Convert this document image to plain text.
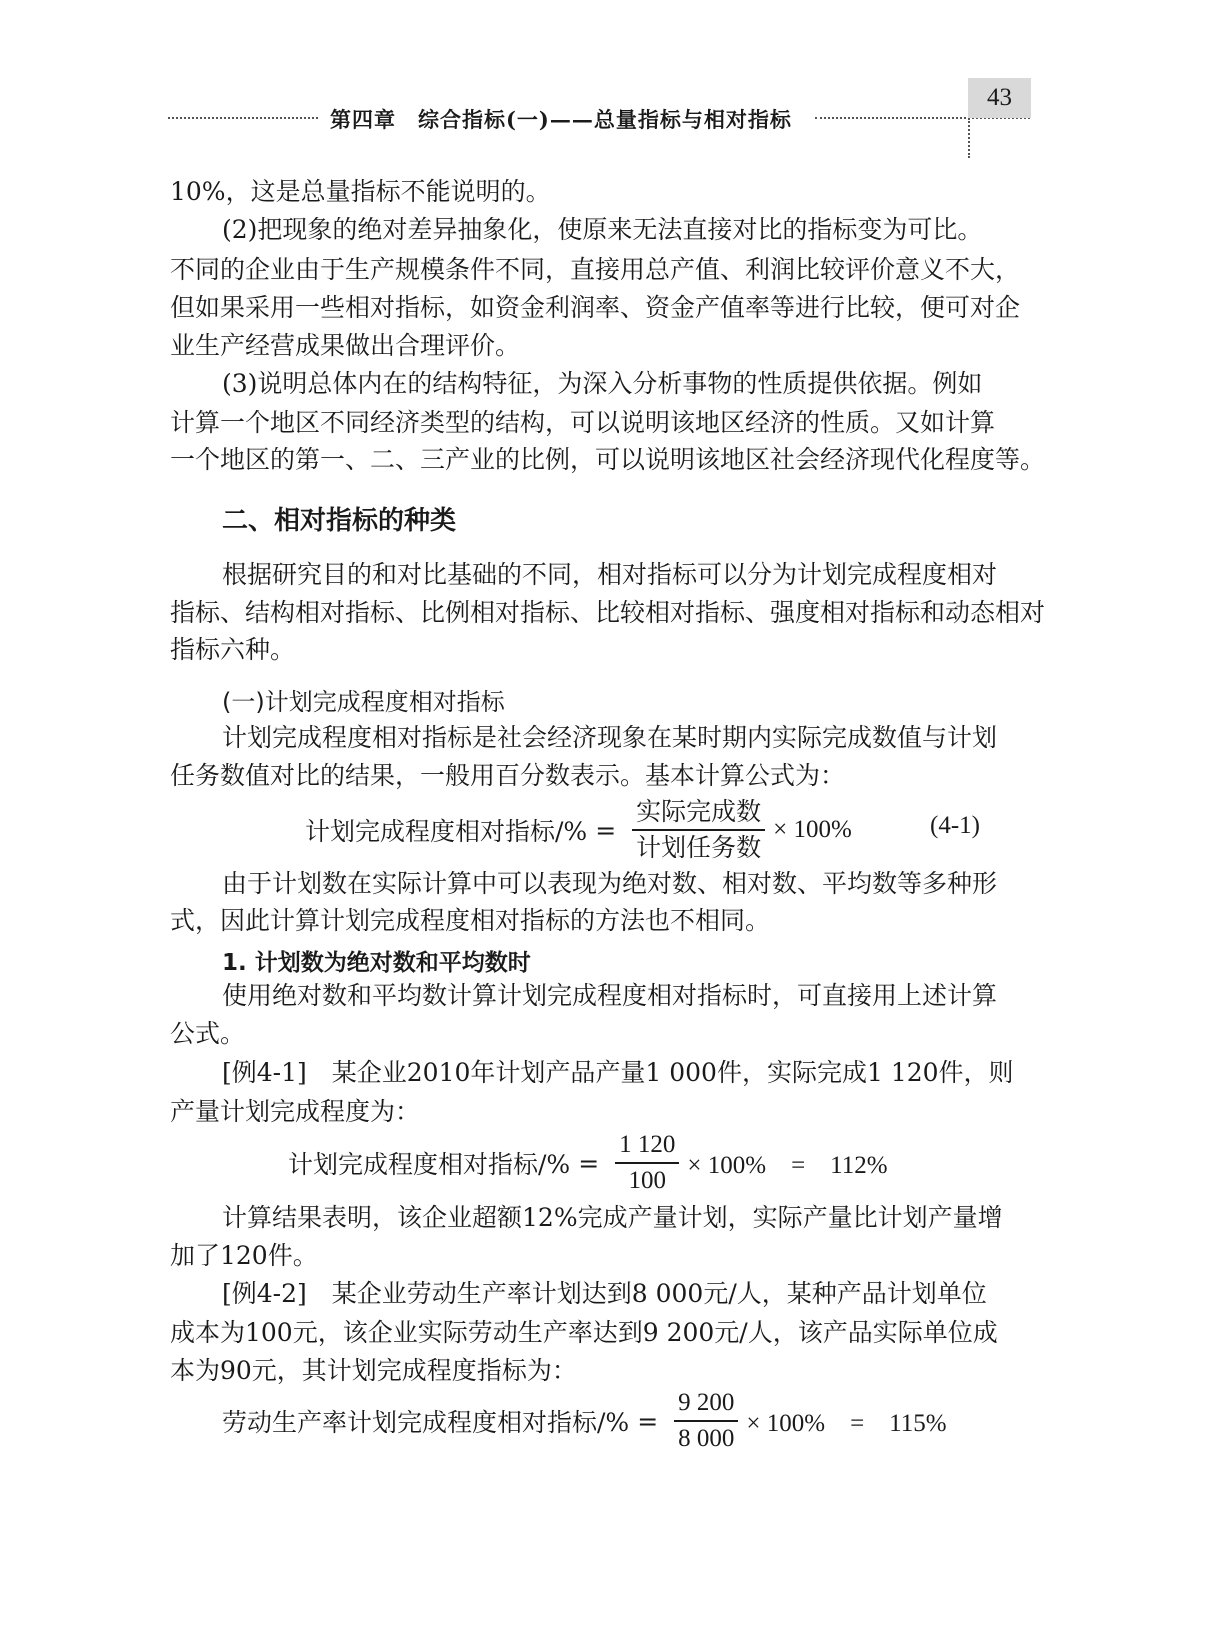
第四章　综合指标(一)——总量指标与相对指标
43
10%，这是总量指标不能说明的。
(2)把现象的绝对差异抽象化，使原来无法直接对比的指标变为可比。
不同的企业由于生产规模条件不同，直接用总产值、利润比较评价意义不大，
但如果采用一些相对指标，如资金利润率、资金产值率等进行比较，便可对企
业生产经营成果做出合理评价。
(3)说明总体内在的结构特征，为深入分析事物的性质提供依据。例如
计算一个地区不同经济类型的结构，可以说明该地区经济的性质。又如计算
一个地区的第一、二、三产业的比例，可以说明该地区社会经济现代化程度等。
二、相对指标的种类
根据研究目的和对比基础的不同，相对指标可以分为计划完成程度相对
指标、结构相对指标、比例相对指标、比较相对指标、强度相对指标和动态相对
指标六种。
(一)计划完成程度相对指标
计划完成程度相对指标是社会经济现象在某时期内实际完成数值与计划
任务数值对比的结果，一般用百分数表示。基本计算公式为：
计划完成程度相对指标/% = $\frac{\text{实际完成数}}{\text{计划任务数}} \times 100\%$	(4-1)
由于计划数在实际计算中可以表现为绝对数、相对数、平均数等多种形
式，因此计算计划完成程度相对指标的方法也不相同。
1. 计划数为绝对数和平均数时
使用绝对数和平均数计算计划完成程度相对指标时，可直接用上述计算
公式。
[例4-1]　某企业2010年计划产品产量1 000件，实际完成1 120件，则
产量计划完成程度为：
计划完成程度相对指标/% = $\frac{1 120}{100} \times 100\%$　=　112%
计算结果表明，该企业超额12%完成产量计划，实际产量比计划产量增
加了120件。
[例4-2]　某企业劳动生产率计划达到8 000元/人，某种产品计划单位
成本为100元，该企业实际劳动生产率达到9 200元/人，该产品实际单位成
本为90元，其计划完成程度指标为：
劳动生产率计划完成程度相对指标/% = $\frac{9 200}{8 000} \times 100\%$　=　115%
